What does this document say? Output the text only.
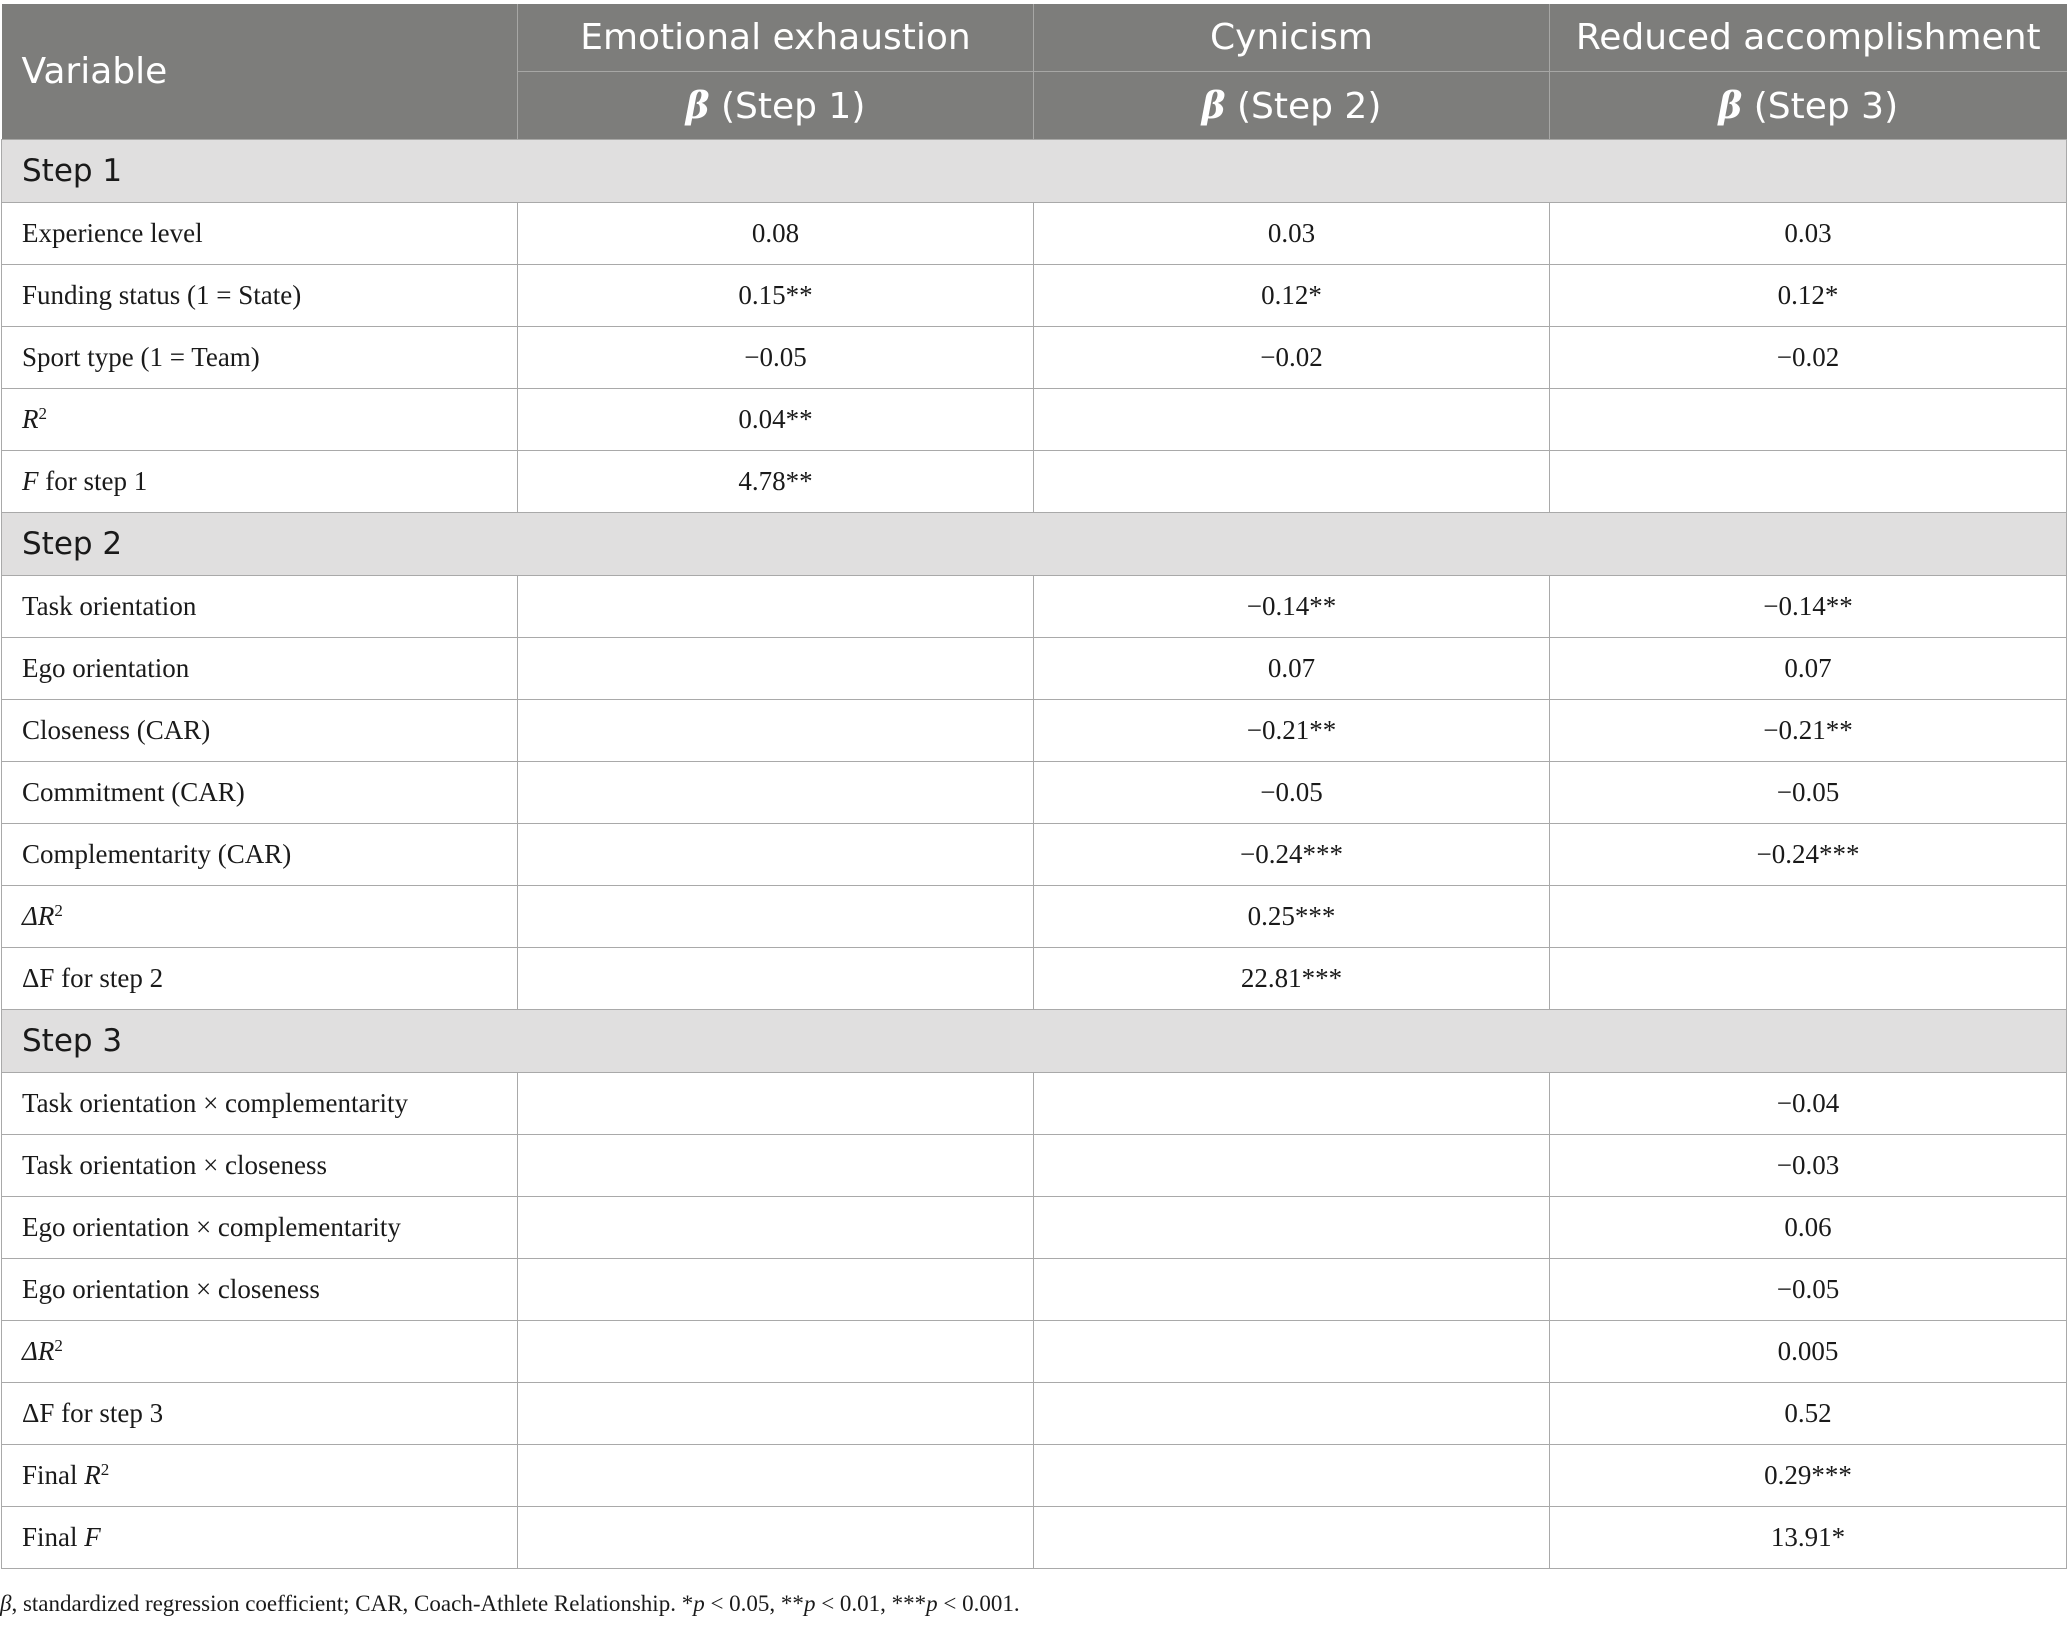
Variable	Emotional exhaustion	Cynicism	Reduced accomplishment
	β (Step 1)	β (Step 2)	β (Step 3)
Step 1			
Experience level	0.08	0.03	0.03
Funding status (1 = State)	0.15**	0.12*	0.12*
Sport type (1 = Team)	−0.05	−0.02	−0.02
$R^2$	0.04**		
F for step 1	4.78**		
Step 2			
Task orientation		−0.14**	−0.14**
Ego orientation		0.07	0.07
Closeness (CAR)		−0.21**	−0.21**
Commitment (CAR)		−0.05	−0.05
Complementarity (CAR)		−0.24***	−0.24***
$\Delta R^2$		0.25***	
ΔF for step 2		22.81***	
Step 3			
Task orientation × complementarity			−0.04
Task orientation × closeness			−0.03
Ego orientation × complementarity			0.06
Ego orientation × closeness			−0.05
$\Delta R^2$			0.005
ΔF for step 3			0.52
Final $R^2$			0.29***
Final F			13.91*
β, standardized regression coefficient; CAR, Coach-Athlete Relationship. *p < 0.05, **p < 0.01, ***p < 0.001.
